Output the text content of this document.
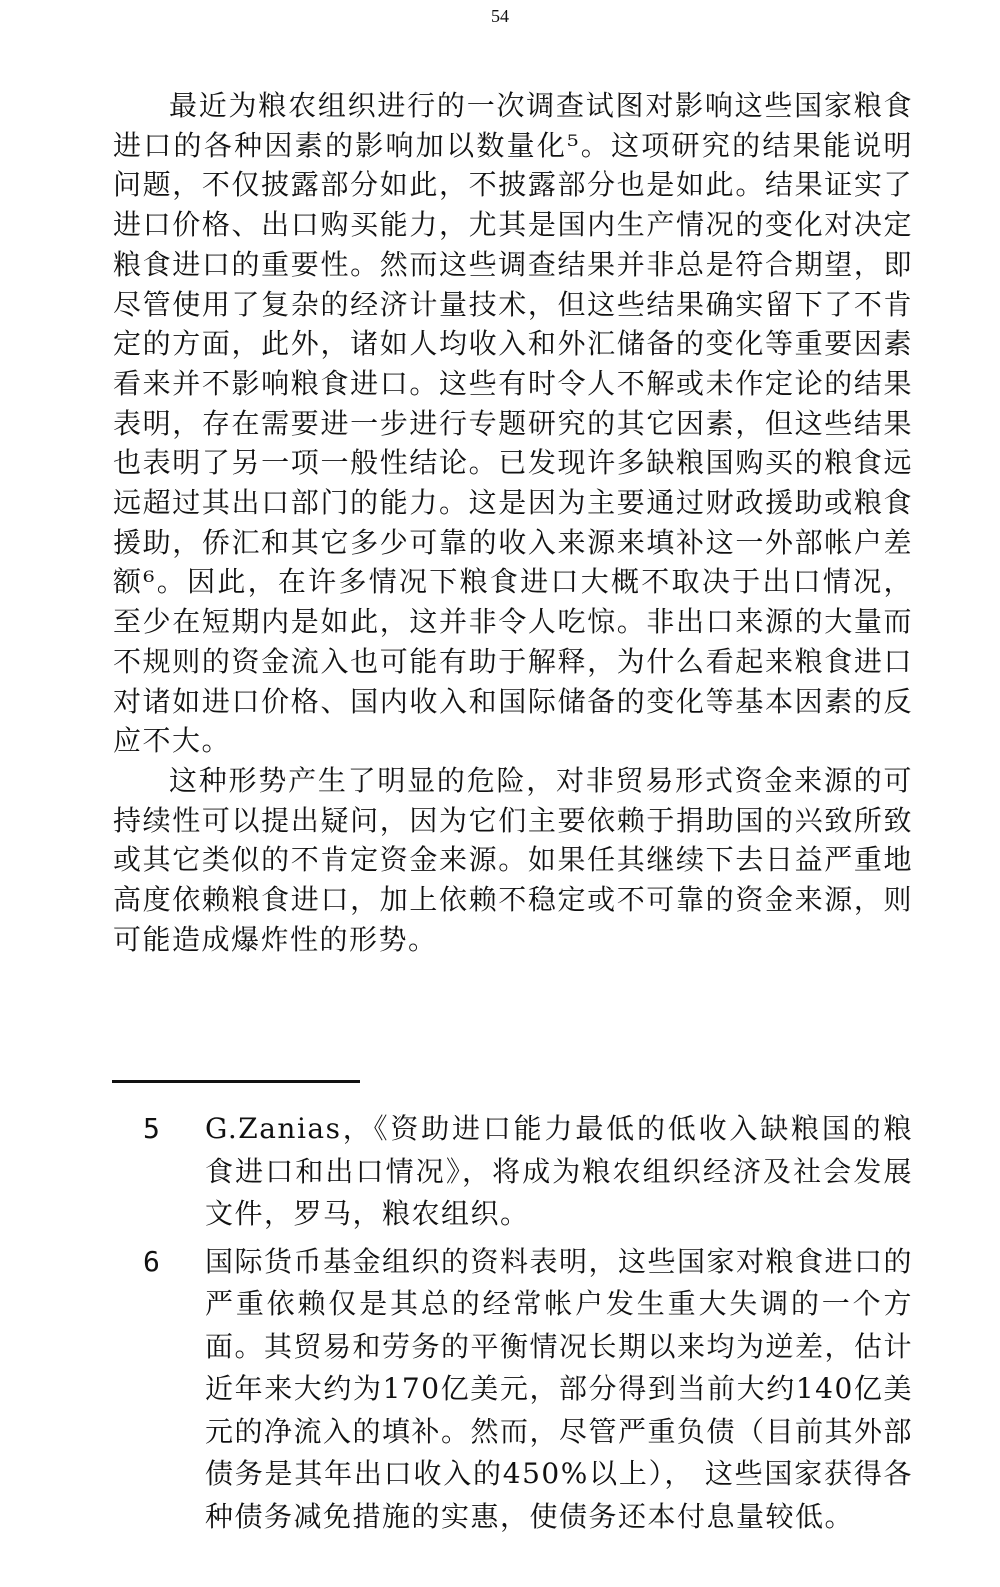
54

最近为粮农组织进行的一次调查试图对影响这些国家粮食进口的各种因素的影响加以数量化⁵。这项研究的结果能说明问题，不仅披露部分如此，不披露部分也是如此。结果证实了进口价格、出口购买能力，尤其是国内生产情况的变化对决定粮食进口的重要性。然而这些调查结果并非总是符合期望，即尽管使用了复杂的经济计量技术，但这些结果确实留下了不肯定的方面，此外，诸如人均收入和外汇储备的变化等重要因素看来并不影响粮食进口。这些有时令人不解或未作定论的结果表明，存在需要进一步进行专题研究的其它因素，但这些结果也表明了另一项一般性结论。已发现许多缺粮国购买的粮食远远超过其出口部门的能力。这是因为主要通过财政援助或粮食援助，侨汇和其它多少可靠的收入来源来填补这一外部帐户差额⁶。因此，在许多情况下粮食进口大概不取决于出口情况，至少在短期内是如此，这并非令人吃惊。非出口来源的大量而不规则的资金流入也可能有助于解释，为什么看起来粮食进口对诸如进口价格、国内收入和国际储备的变化等基本因素的反应不大。

这种形势产生了明显的危险，对非贸易形式资金来源的可持续性可以提出疑问，因为它们主要依赖于捐助国的兴致所致或其它类似的不肯定资金来源。如果任其继续下去日益严重地高度依赖粮食进口，加上依赖不稳定或不可靠的资金来源，则可能造成爆炸性的形势。

5 G.Zanias，《资助进口能力最低的低收入缺粮国的粮食进口和出口情况》，将成为粮农组织经济及社会发展文件，罗马，粮农组织。

6 国际货币基金组织的资料表明，这些国家对粮食进口的严重依赖仅是其总的经常帐户发生重大失调的一个方面。其贸易和劳务的平衡情况长期以来均为逆差，估计近年来大约为170亿美元，部分得到当前大约140亿美元的净流入的填补。然而，尽管严重负债（目前其外部债务是其年出口收入的450%以上）， 这些国家获得各种债务减免措施的实惠，使债务还本付息量较低。
